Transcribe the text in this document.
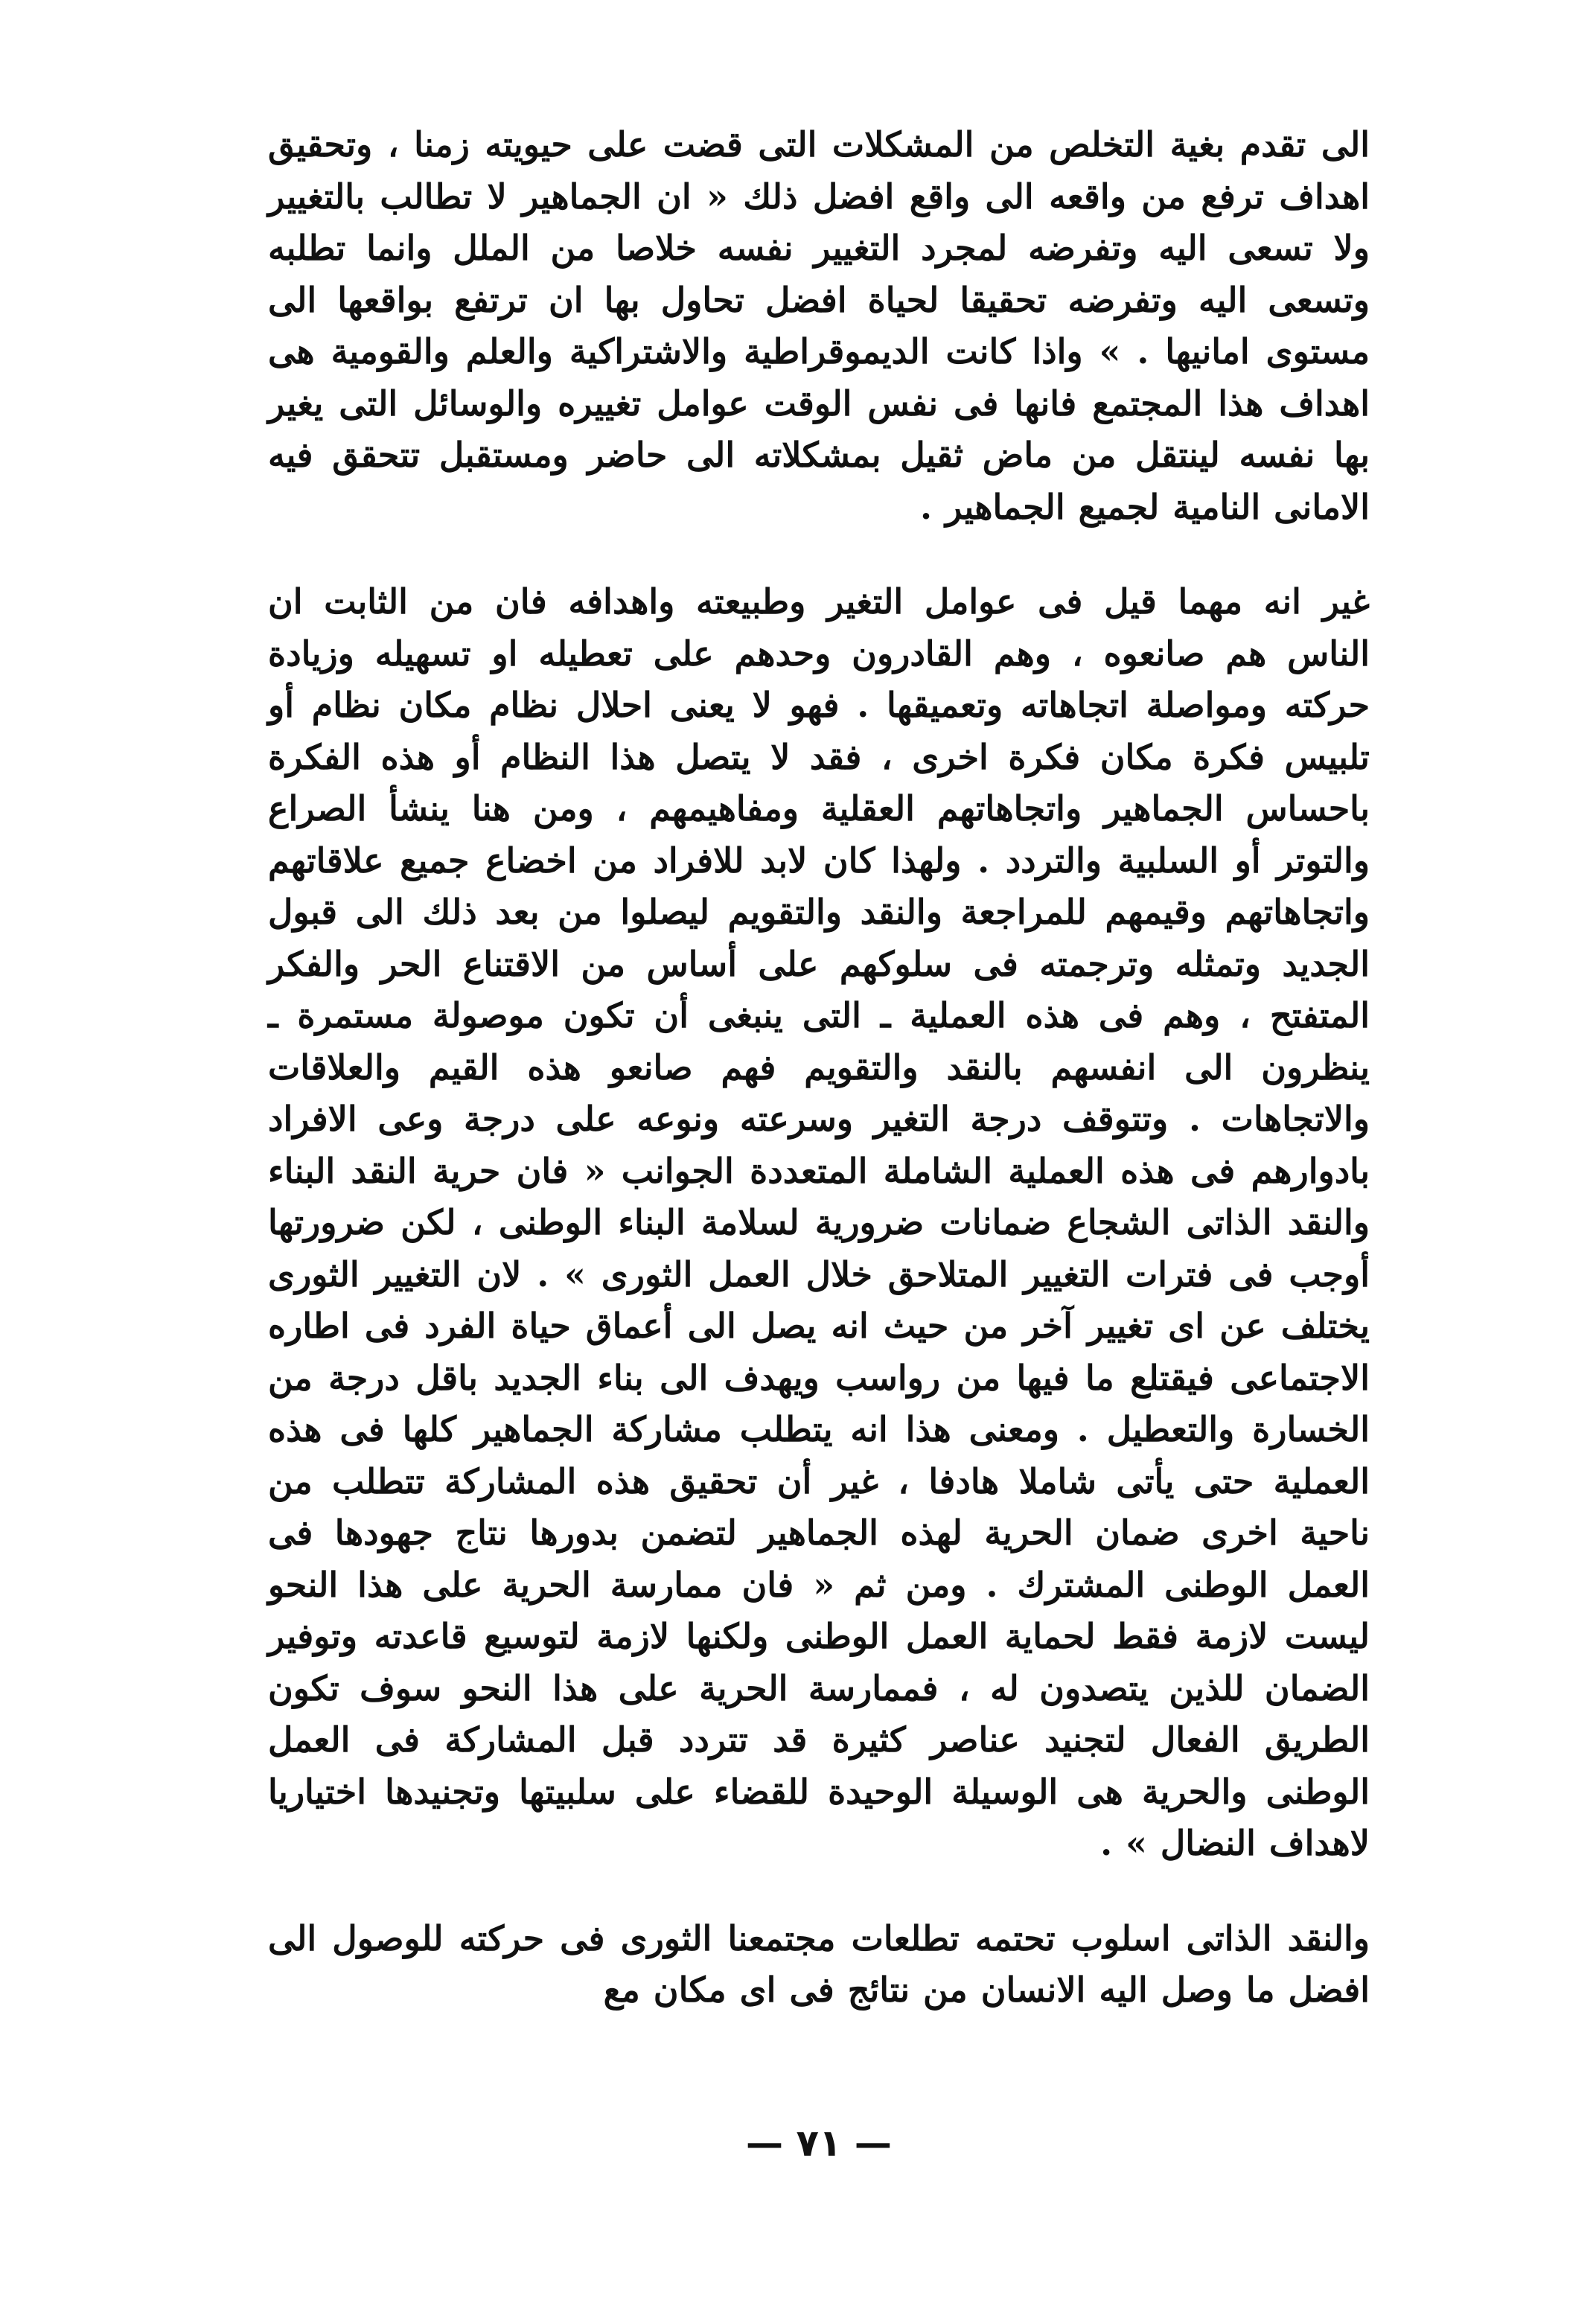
الى تقدم بغية التخلص من المشكلات التى قضت على حيويته زمنا ، وتحقيق اهداف ترفع من واقعه الى واقع افضل ذلك « ان الجماهير لا تطالب بالتغيير ولا تسعى اليه وتفرضه لمجرد التغيير نفسه خلاصا من الملل وانما تطلبه وتسعى اليه وتفرضه تحقيقا لحياة افضل تحاول بها ان ترتفع بواقعها الى مستوى امانيها . » واذا كانت الديموقراطية والاشتراكية والعلم والقومية هى اهداف هذا المجتمع فانها فى نفس الوقت عوامل تغييره والوسائل التى يغير بها نفسه لينتقل من ماض ثقيل بمشكلاته الى حاضر ومستقبل تتحقق فيه الامانى النامية لجميع الجماهير .

غير انه مهما قيل فى عوامل التغير وطبيعته واهدافه فان من الثابت ان الناس هم صانعوه ، وهم القادرون وحدهم على تعطيله او تسهيله وزيادة حركته ومواصلة اتجاهاته وتعميقها . فهو لا يعنى احلال نظام مكان نظام أو تلبيس فكرة مكان فكرة اخرى ، فقد لا يتصل هذا النظام أو هذه الفكرة باحساس الجماهير واتجاهاتهم العقلية ومفاهيمهم ، ومن هنا ينشأ الصراع والتوتر أو السلبية والتردد . ولهذا كان لابد للافراد من اخضاع جميع علاقاتهم واتجاهاتهم وقيمهم للمراجعة والنقد والتقويم ليصلوا من بعد ذلك الى قبول الجديد وتمثله وترجمته فى سلوكهم على أساس من الاقتناع الحر والفكر المتفتح ، وهم فى هذه العملية ـ التى ينبغى أن تكون موصولة مستمرة ـ ينظرون الى انفسهم بالنقد والتقويم فهم صانعو هذه القيم والعلاقات والاتجاهات . وتتوقف درجة التغير وسرعته ونوعه على درجة وعى الافراد بادوارهم فى هذه العملية الشاملة المتعددة الجوانب « فان حرية النقد البناء والنقد الذاتى الشجاع ضمانات ضرورية لسلامة البناء الوطنى ، لكن ضرورتها أوجب فى فترات التغيير المتلاحق خلال العمل الثورى » . لان التغيير الثورى يختلف عن اى تغيير آخر من حيث انه يصل الى أعماق حياة الفرد فى اطاره الاجتماعى فيقتلع ما فيها من رواسب ويهدف الى بناء الجديد باقل درجة من الخسارة والتعطيل . ومعنى هذا انه يتطلب مشاركة الجماهير كلها فى هذه العملية حتى يأتى شاملا هادفا ، غير أن تحقيق هذه المشاركة تتطلب من ناحية اخرى ضمان الحرية لهذه الجماهير لتضمن بدورها نتاج جهودها فى العمل الوطنى المشترك . ومن ثم « فان ممارسة الحرية على هذا النحو ليست لازمة فقط لحماية العمل الوطنى ولكنها لازمة لتوسيع قاعدته وتوفير الضمان للذين يتصدون له ، فممارسة الحرية على هذا النحو سوف تكون الطريق الفعال لتجنيد عناصر كثيرة قد تتردد قبل المشاركة فى العمل الوطنى والحرية هى الوسيلة الوحيدة للقضاء على سلبيتها وتجنيدها اختياريا لاهداف النضال » .

والنقد الذاتى اسلوب تحتمه تطلعات مجتمعنا الثورى فى حركته للوصول الى افضل ما وصل اليه الانسان من نتائج فى اى مكان مع

— ٧١ —
